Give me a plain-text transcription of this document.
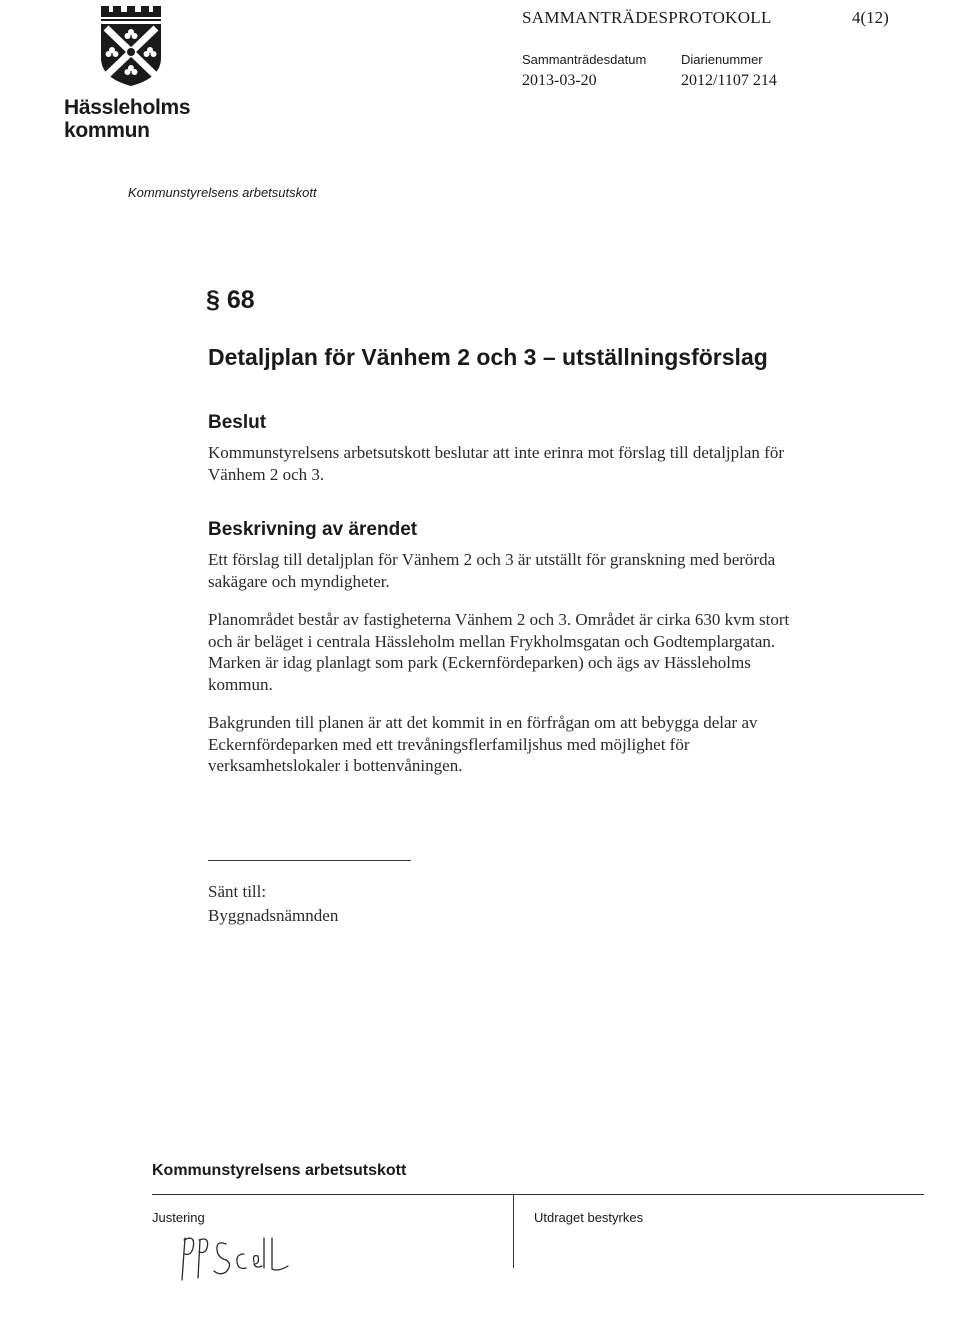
Hässleholms
kommun
SAMMANTRÄDESPROTOKOLL	4(12)
Sammanträdesdatum	Diarienummer
2013-03-20	2012/1107 214
Kommunstyrelsens arbetsutskott
§ 68
Detaljplan för Vänhem 2 och 3 – utställningsförslag
Beslut

Kommunstyrelsens arbetsutskott beslutar att inte erinra mot förslag till detaljplan för Vänhem 2 och 3.

Beskrivning av ärendet

Ett förslag till detaljplan för Vänhem 2 och 3 är utställt för granskning med berörda sakägare och myndigheter.

Planområdet består av fastigheterna Vänhem 2 och 3. Området är cirka 630 kvm stort och är beläget i centrala Hässleholm mellan Frykholmsgatan och Godtemplargatan. Marken är idag planlagt som park (Eckernfördeparken) och ägs av Hässleholms kommun.

Bakgrunden till planen är att det kommit in en förfrågan om att bebygga delar av Eckernfördeparken med ett trevåningsflerfamiljshus med möjlighet för verksamhetslokaler i bottenvåningen.

Sänt till:
Byggnadsnämnden
Kommunstyrelsens arbetsutskott
Justering	Utdraget bestyrkes
